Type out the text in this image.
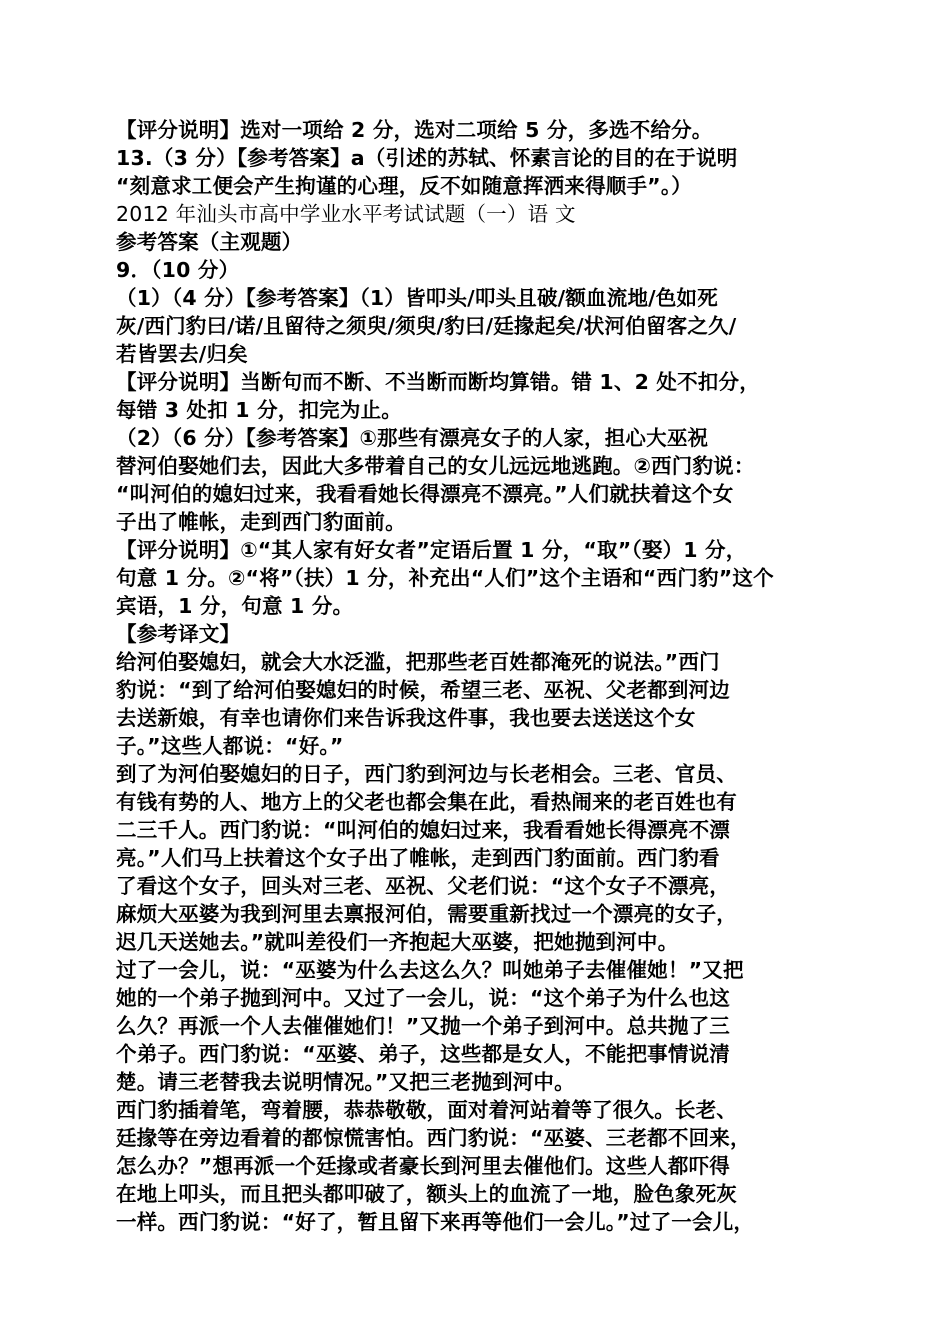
【评分说明】选对一项给 2 分，选对二项给 5 分，多选不给分。
13.（3 分）【参考答案】a（引述的苏轼、怀素言论的目的在于说明
“刻意求工便会产生拘谨的心理，反不如随意挥洒来得顺手”。）
2012 年汕头市高中学业水平考试试题（一）语 文
参考答案（主观题）
9．（10 分）
（1）（4 分）【参考答案】（1）皆叩头/叩头且破/额血流地/色如死
灰/西门豹曰/诺/且留待之须臾/须臾/豹曰/廷掾起矣/状河伯留客之久/
若皆罢去/归矣
【评分说明】当断句而不断、不当断而断均算错。错 1、2 处不扣分，
每错 3 处扣 1 分，扣完为止。
（2）（6 分）【参考答案】①那些有漂亮女子的人家，担心大巫祝
替河伯娶她们去，因此大多带着自己的女儿远远地逃跑。②西门豹说：
“叫河伯的媳妇过来，我看看她长得漂亮不漂亮。”人们就扶着这个女
子出了帷帐，走到西门豹面前。
【评分说明】①“其人家有好女者”定语后置 1 分，“取”（娶）1 分，
句意 1 分。②“将”（扶）1 分，补充出“人们”这个主语和“西门豹”这个
宾语，1 分，句意 1 分。
【参考译文】
给河伯娶媳妇，就会大水泛滥，把那些老百姓都淹死的说法。”西门
豹说：“到了给河伯娶媳妇的时候，希望三老、巫祝、父老都到河边
去送新娘，有幸也请你们来告诉我这件事，我也要去送送这个女
子。”这些人都说：“好。”
到了为河伯娶媳妇的日子，西门豹到河边与长老相会。三老、官员、
有钱有势的人、地方上的父老也都会集在此，看热闹来的老百姓也有
二三千人。西门豹说：“叫河伯的媳妇过来，我看看她长得漂亮不漂
亮。”人们马上扶着这个女子出了帷帐，走到西门豹面前。西门豹看
了看这个女子，回头对三老、巫祝、父老们说：“这个女子不漂亮，
麻烦大巫婆为我到河里去禀报河伯，需要重新找过一个漂亮的女子，
迟几天送她去。”就叫差役们一齐抱起大巫婆，把她抛到河中。
过了一会儿，说：“巫婆为什么去这么久？叫她弟子去催催她！”又把
她的一个弟子抛到河中。又过了一会儿，说：“这个弟子为什么也这
么久？再派一个人去催催她们！”又抛一个弟子到河中。总共抛了三
个弟子。西门豹说：“巫婆、弟子，这些都是女人，不能把事情说清
楚。请三老替我去说明情况。”又把三老抛到河中。
西门豹插着笔，弯着腰，恭恭敬敬，面对着河站着等了很久。长老、
廷掾等在旁边看着的都惊慌害怕。西门豹说：“巫婆、三老都不回来，
怎么办？”想再派一个廷掾或者豪长到河里去催他们。这些人都吓得
在地上叩头，而且把头都叩破了，额头上的血流了一地，脸色象死灰
一样。西门豹说：“好了，暂且留下来再等他们一会儿。”过了一会儿，
